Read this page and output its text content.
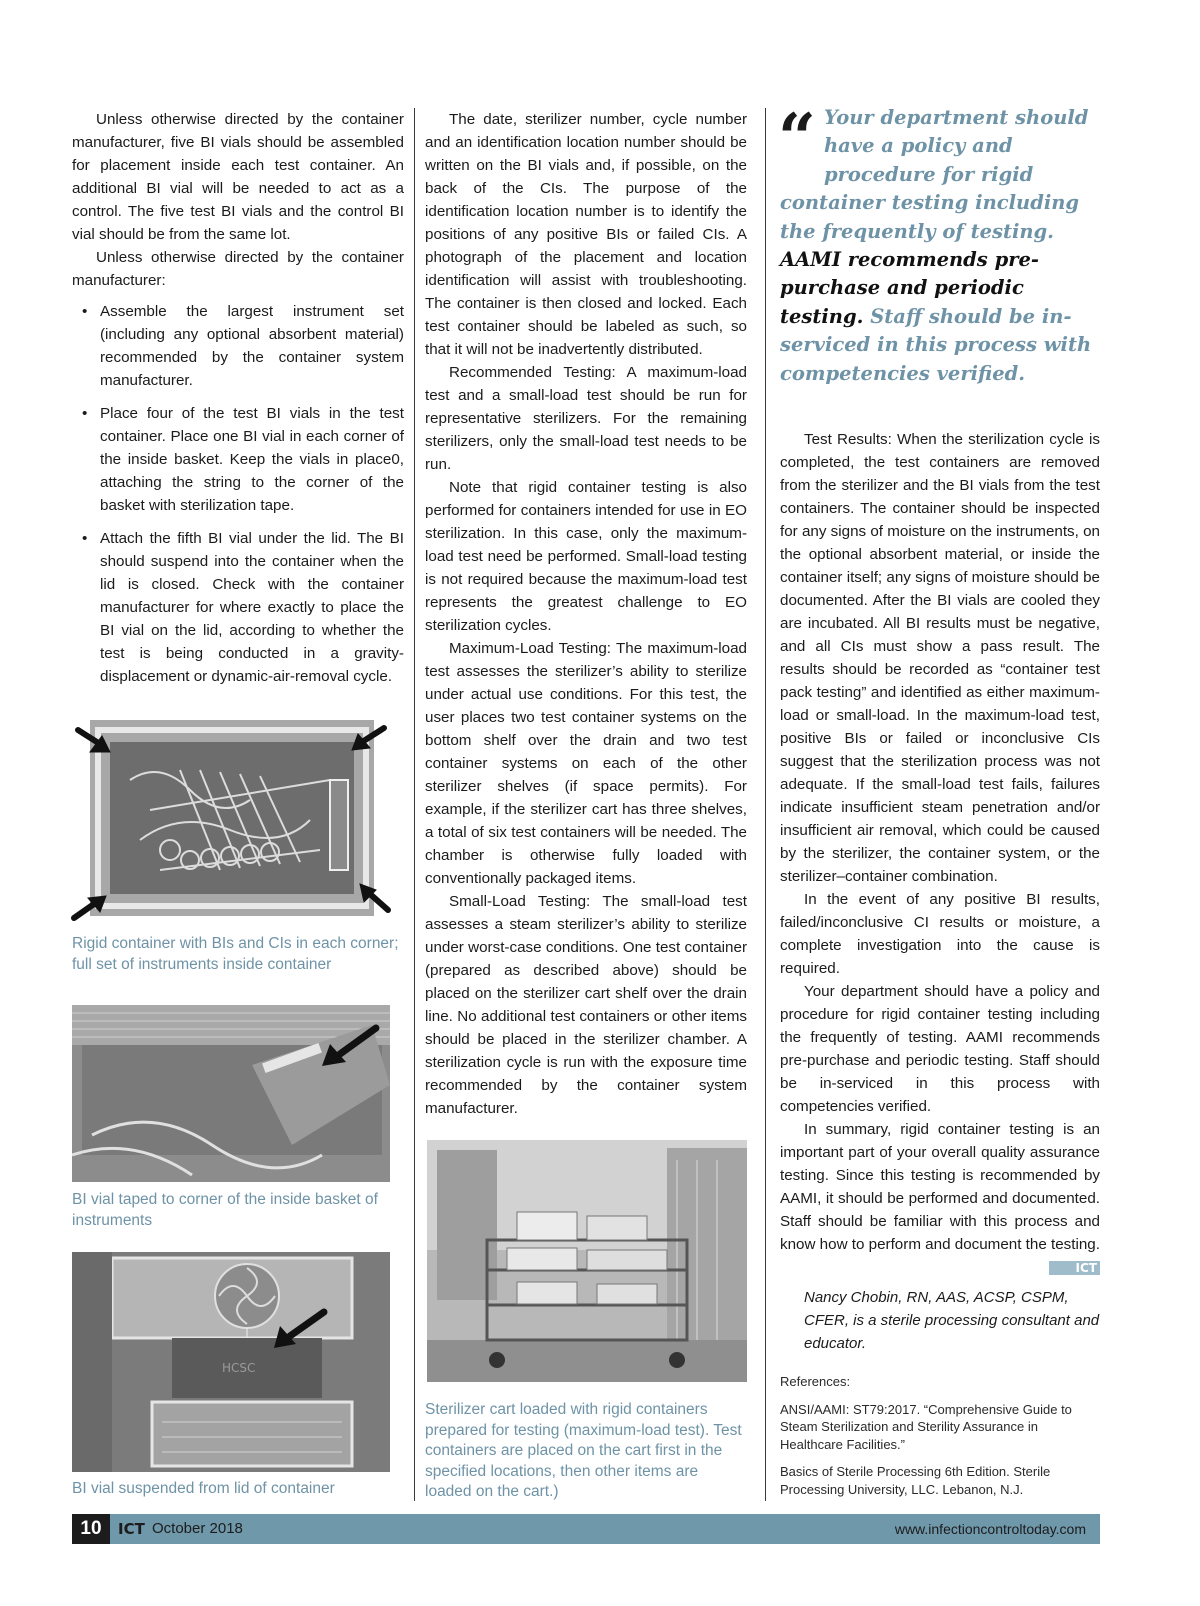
Unless otherwise directed by the container manufacturer, five BI vials should be assembled for placement inside each test container. An additional BI vial will be needed to act as a control. The five test BI vials and the control BI vial should be from the same lot.

Unless otherwise directed by the container manufacturer:

• Assemble the largest instrument set (including any optional absorbent material) recommended by the container system manufacturer.
• Place four of the test BI vials in the test container. Place one BI vial in each corner of the inside basket. Keep the vials in place0, attaching the string to the corner of the basket with sterilization tape.
• Attach the fifth BI vial under the lid. The BI should suspend into the container when the lid is closed. Check with the container manufacturer for where exactly to place the BI vial on the lid, according to whether the test is being conducted in a gravity-displacement or dynamic-air-removal cycle.
Rigid container with BIs and CIs in each corner; full set of instruments inside container
BI vial taped to corner of the inside basket of instruments
HCSC
BI vial suspended from lid of container

The date, sterilizer number, cycle number and an identification location number should be written on the BI vials and, if possible, on the back of the CIs. The purpose of the identification location number is to identify the positions of any positive BIs or failed CIs. A photograph of the placement and location identification will assist with troubleshooting. The container is then closed and locked. Each test container should be labeled as such, so that it will not be inadvertently distributed.

Recommended Testing: A maximum-load test and a small-load test should be run for representative sterilizers. For the remaining sterilizers, only the small-load test needs to be run.

Note that rigid container testing is also performed for containers intended for use in EO sterilization. In this case, only the maximum-load test need be performed. Small-load testing is not required because the maximum-load test represents the greatest challenge to EO sterilization cycles.

Maximum-Load Testing: The maximum-load test assesses the sterilizer’s ability to sterilize under actual use conditions. For this test, the user places two test container systems on the bottom shelf over the drain and two test container systems on each of the other sterilizer shelves (if space permits). For example, if the sterilizer cart has three shelves, a total of six test containers will be needed. The chamber is otherwise fully loaded with conventionally packaged items.

Small-Load Testing: The small-load test assesses a steam sterilizer’s ability to sterilize under worst-case conditions. One test container (prepared as described above) should be placed on the sterilizer cart shelf over the drain line. No additional test containers or other items should be placed in the sterilizer chamber. A sterilization cycle is run with the exposure time recommended by the container system manufacturer.

Sterilizer cart loaded with rigid containers prepared for testing (maximum-load test). Test containers are placed on the cart first in the specified locations, then other items are loaded on the cart.)
“ Your department should have a policy and procedure for rigid container testing including the frequently of testing. AAMI recommends pre-purchase and periodic testing. Staff should be in-serviced in this process with competencies verified.

Test Results: When the sterilization cycle is completed, the test containers are removed from the sterilizer and the BI vials from the test containers. The container should be inspected for any signs of moisture on the instruments, on the optional absorbent material, or inside the container itself; any signs of moisture should be documented. After the BI vials are cooled they are incubated. All BI results must be negative, and all CIs must show a pass result. The results should be recorded as “container test pack testing” and identified as either maximum-load or small-load. In the maximum-load test, positive BIs or failed or inconclusive CIs suggest that the sterilization process was not adequate. If the small-load test fails, failures indicate insufficient steam penetration and/or insufficient air removal, which could be caused by the sterilizer, the container system, or the sterilizer–container combination.

In the event of any positive BI results, failed/inconclusive CI results or moisture, a complete investigation into the cause is required.

Your department should have a policy and procedure for rigid container testing including the frequently of testing. AAMI recommends pre-purchase and periodic testing. Staff should be in-serviced in this process with competencies verified.

In summary, rigid container testing is an important part of your overall quality assurance testing. Since this testing is recommended by AAMI, it should be performed and documented. Staff should be familiar with this process and know how to perform and document the testing.
ICT

Nancy Chobin, RN, AAS, ACSP, CSPM, CFER, is a sterile processing consultant and educator.
References:
ANSI/AAMI: ST79:2017. “Comprehensive Guide to Steam Sterilization and Sterility Assurance in Healthcare Facilities.”
Basics of Sterile Processing 6th Edition. Sterile Processing University, LLC. Lebanon, N.J.
10	ICT October 2018	www.infectioncontroltoday.com
